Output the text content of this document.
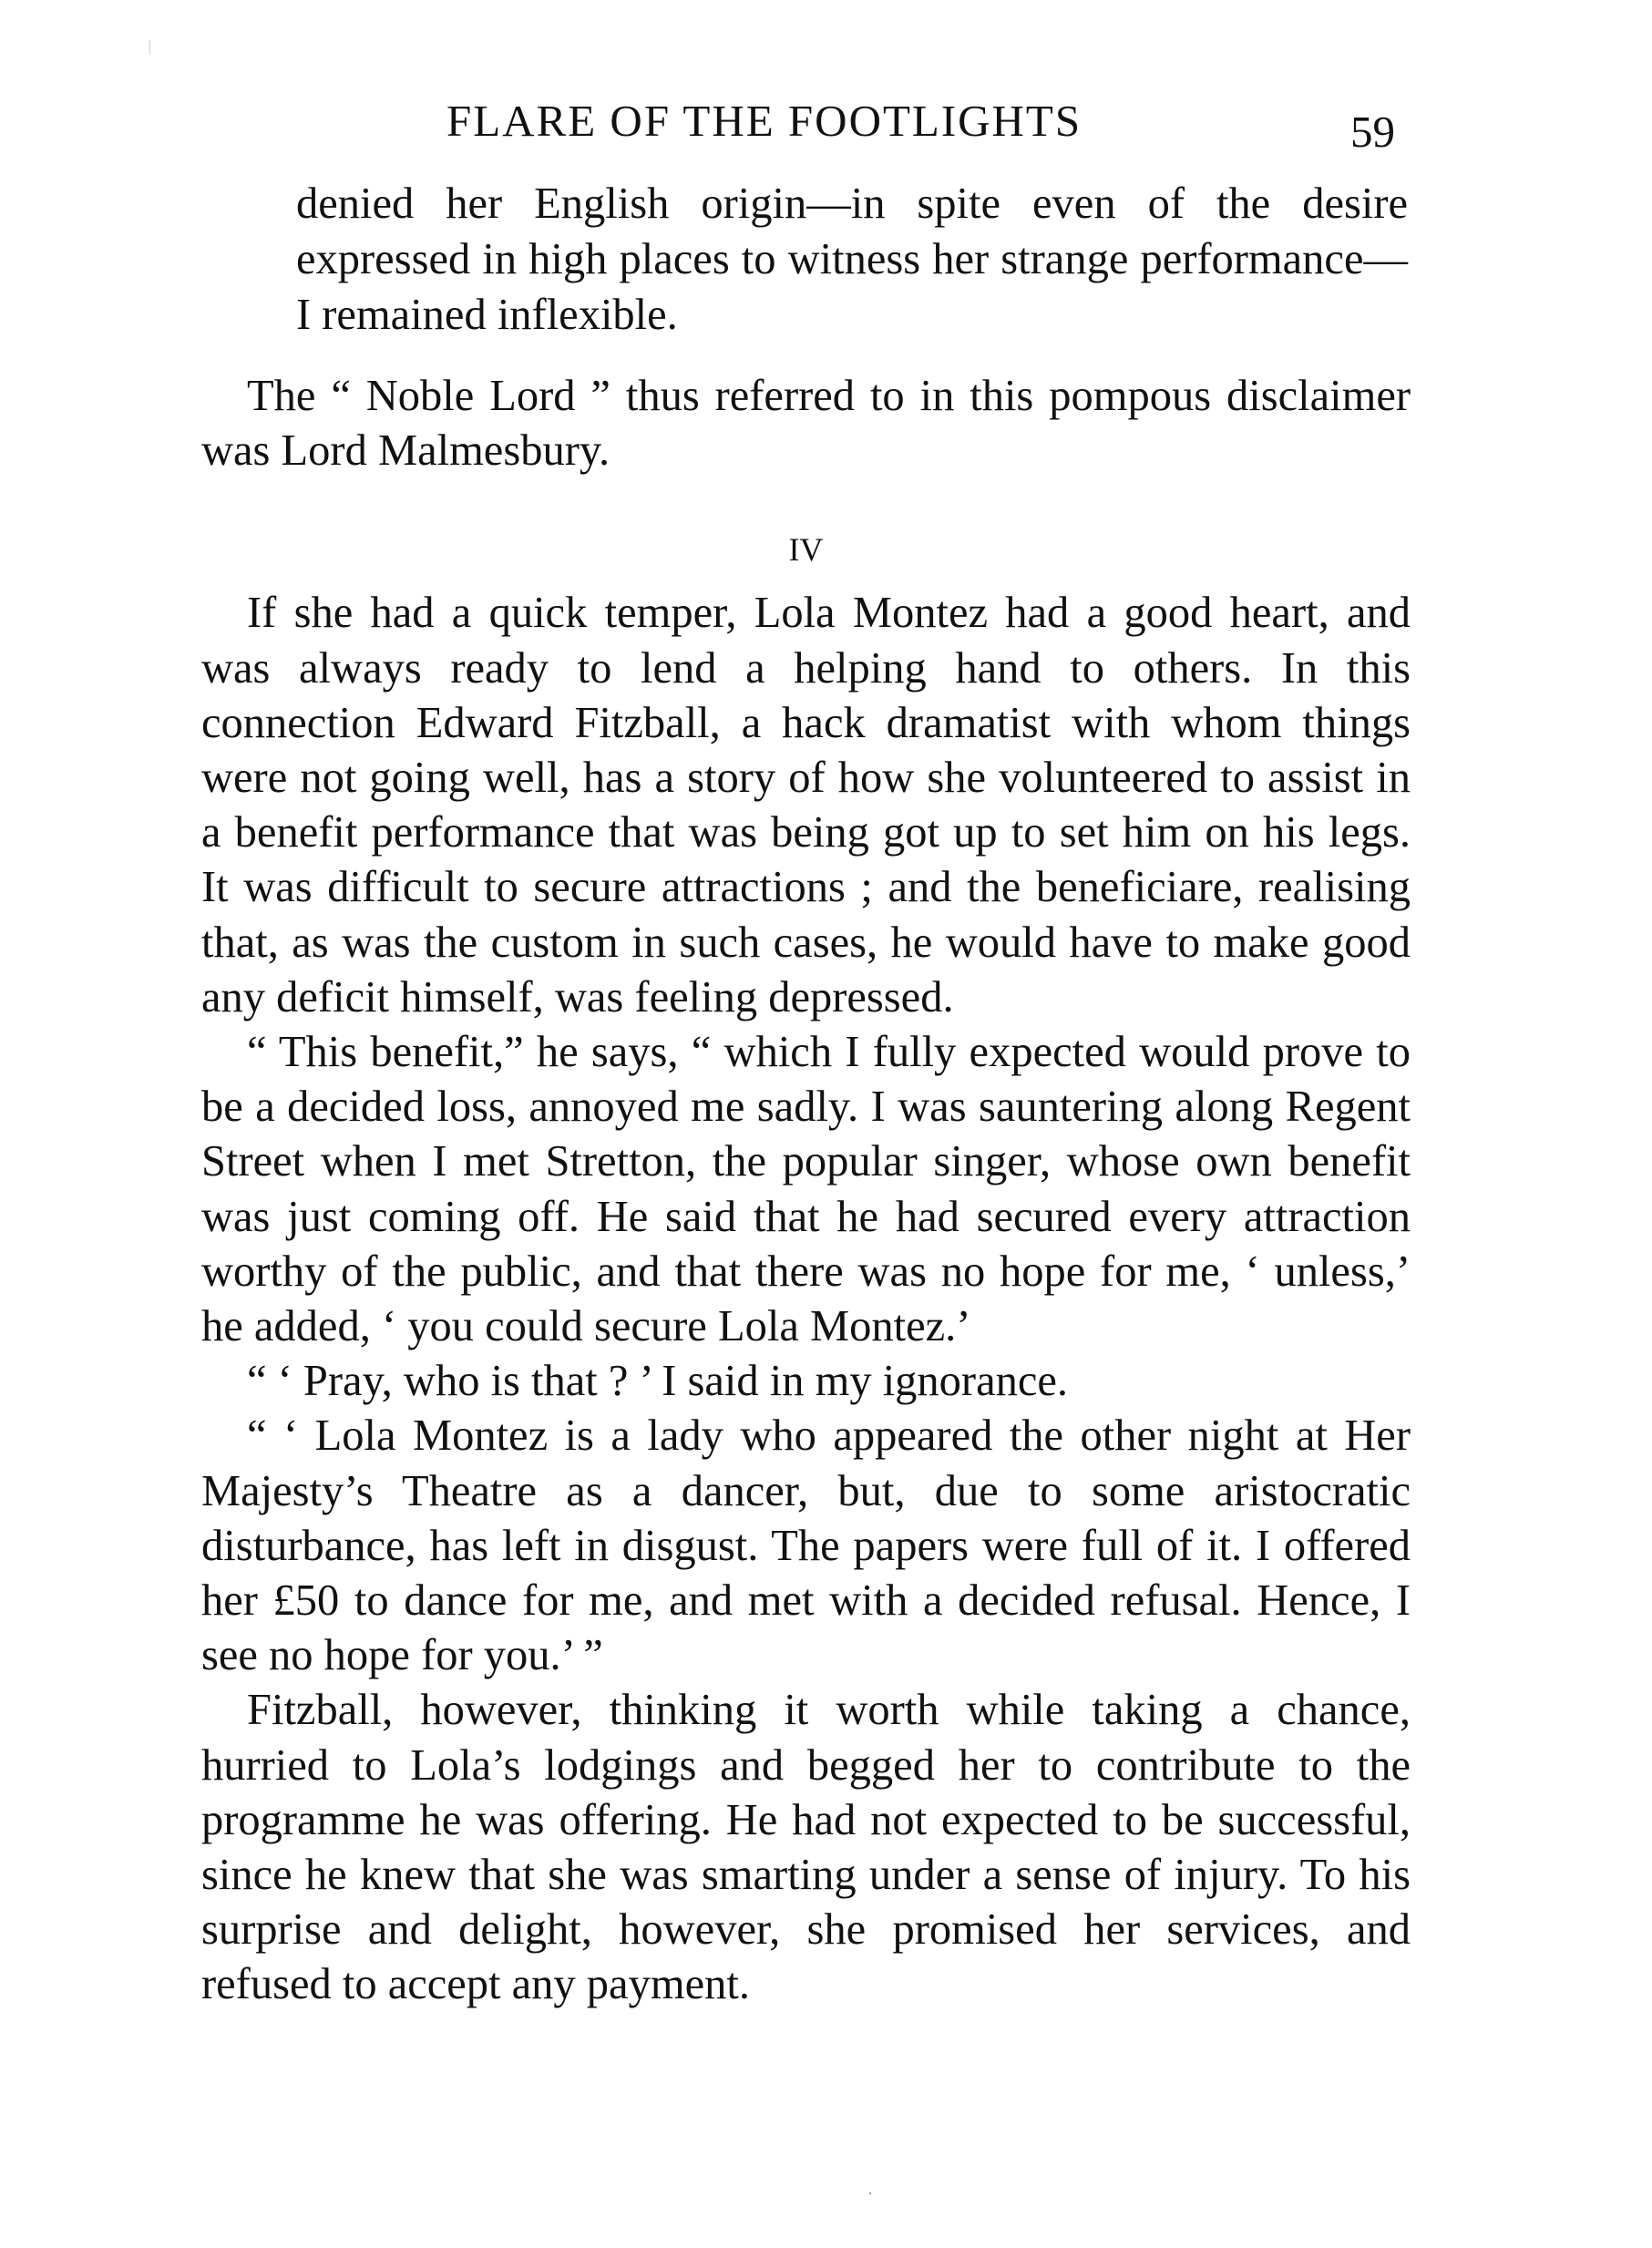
FLARE OF THE FOOTLIGHTS	59
denied her English origin—in spite even of the desire expressed in high places to witness her strange performance—I remained inflexible.

The “ Noble Lord ” thus referred to in this pompous disclaimer was Lord Malmesbury.

IV

If she had a quick temper, Lola Montez had a good heart, and was always ready to lend a helping hand to others. In this connection Edward Fitzball, a hack dramatist with whom things were not going well, has a story of how she volunteered to assist in a benefit performance that was being got up to set him on his legs. It was difficult to secure attractions ; and the beneficiare, realising that, as was the custom in such cases, he would have to make good any deficit himself, was feeling depressed.

“ This benefit,” he says, “ which I fully expected would prove to be a decided loss, annoyed me sadly. I was sauntering along Regent Street when I met Stretton, the popular singer, whose own benefit was just coming off. He said that he had secured every attraction worthy of the public, and that there was no hope for me, ‘ unless,’ he added, ‘ you could secure Lola Montez.’

“ ‘ Pray, who is that ? ’ I said in my ignorance.

“ ‘ Lola Montez is a lady who appeared the other night at Her Majesty’s Theatre as a dancer, but, due to some aristocratic disturbance, has left in disgust. The papers were full of it. I offered her £50 to dance for me, and met with a decided refusal. Hence, I see no hope for you.’ ”

Fitzball, however, thinking it worth while taking a chance, hurried to Lola’s lodgings and begged her to contribute to the programme he was offering. He had not expected to be successful, since he knew that she was smarting under a sense of injury. To his surprise and delight, however, she promised her services, and refused to accept any payment.
